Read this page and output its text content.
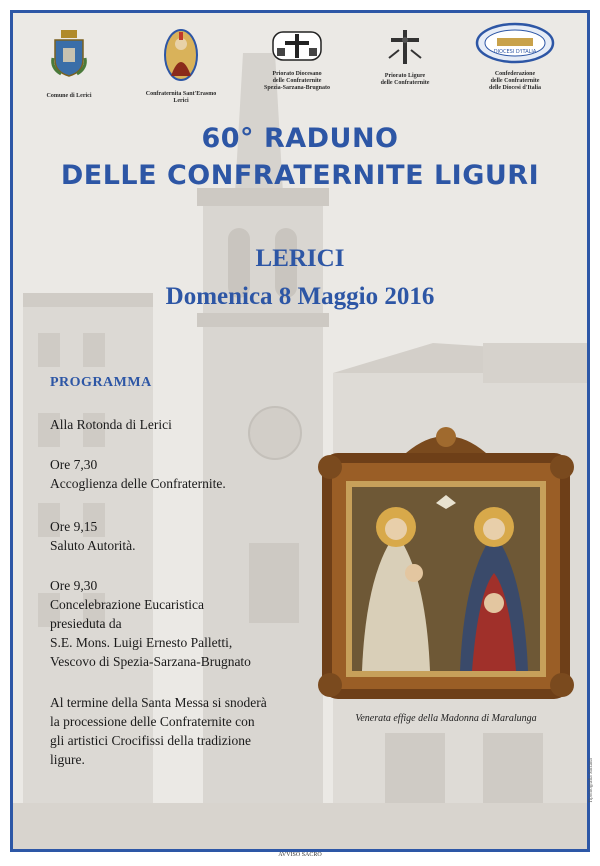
Comune di Lerici	Confraternita Sant'Erasmo
Lerici
Priorato Diocesano
delle Confraternite
Spezia-Sarzana-Brugnato
Priorato Ligure
delle Confraternite
DIOCESI D'ITALIA
Confederazione
delle Confraternite
delle Diocesi d'Italia
60° RADUNO
DELLE CONFRATERNITE LIGURI
LERICI
Domenica 8 Maggio 2016
PROGRAMMA
Alla Rotonda di Lerici
Ore 7,30
Accoglienza delle Confraternite.
Ore 9,15
Saluto Autorità.
Ore 9,30
Concelebrazione Eucaristica
presieduta da
S.E. Mons. Luigi Ernesto Palletti,
Vescovo di Spezia-Sarzana-Brugnato
Al termine della Santa Messa si snoderà
la processione delle Confraternite con
gli artistici Crocifissi della tradizione
ligure.
Venerata effige della Madonna di Maralunga
Tipolitografia Sarzana
AVVISO SACRO
